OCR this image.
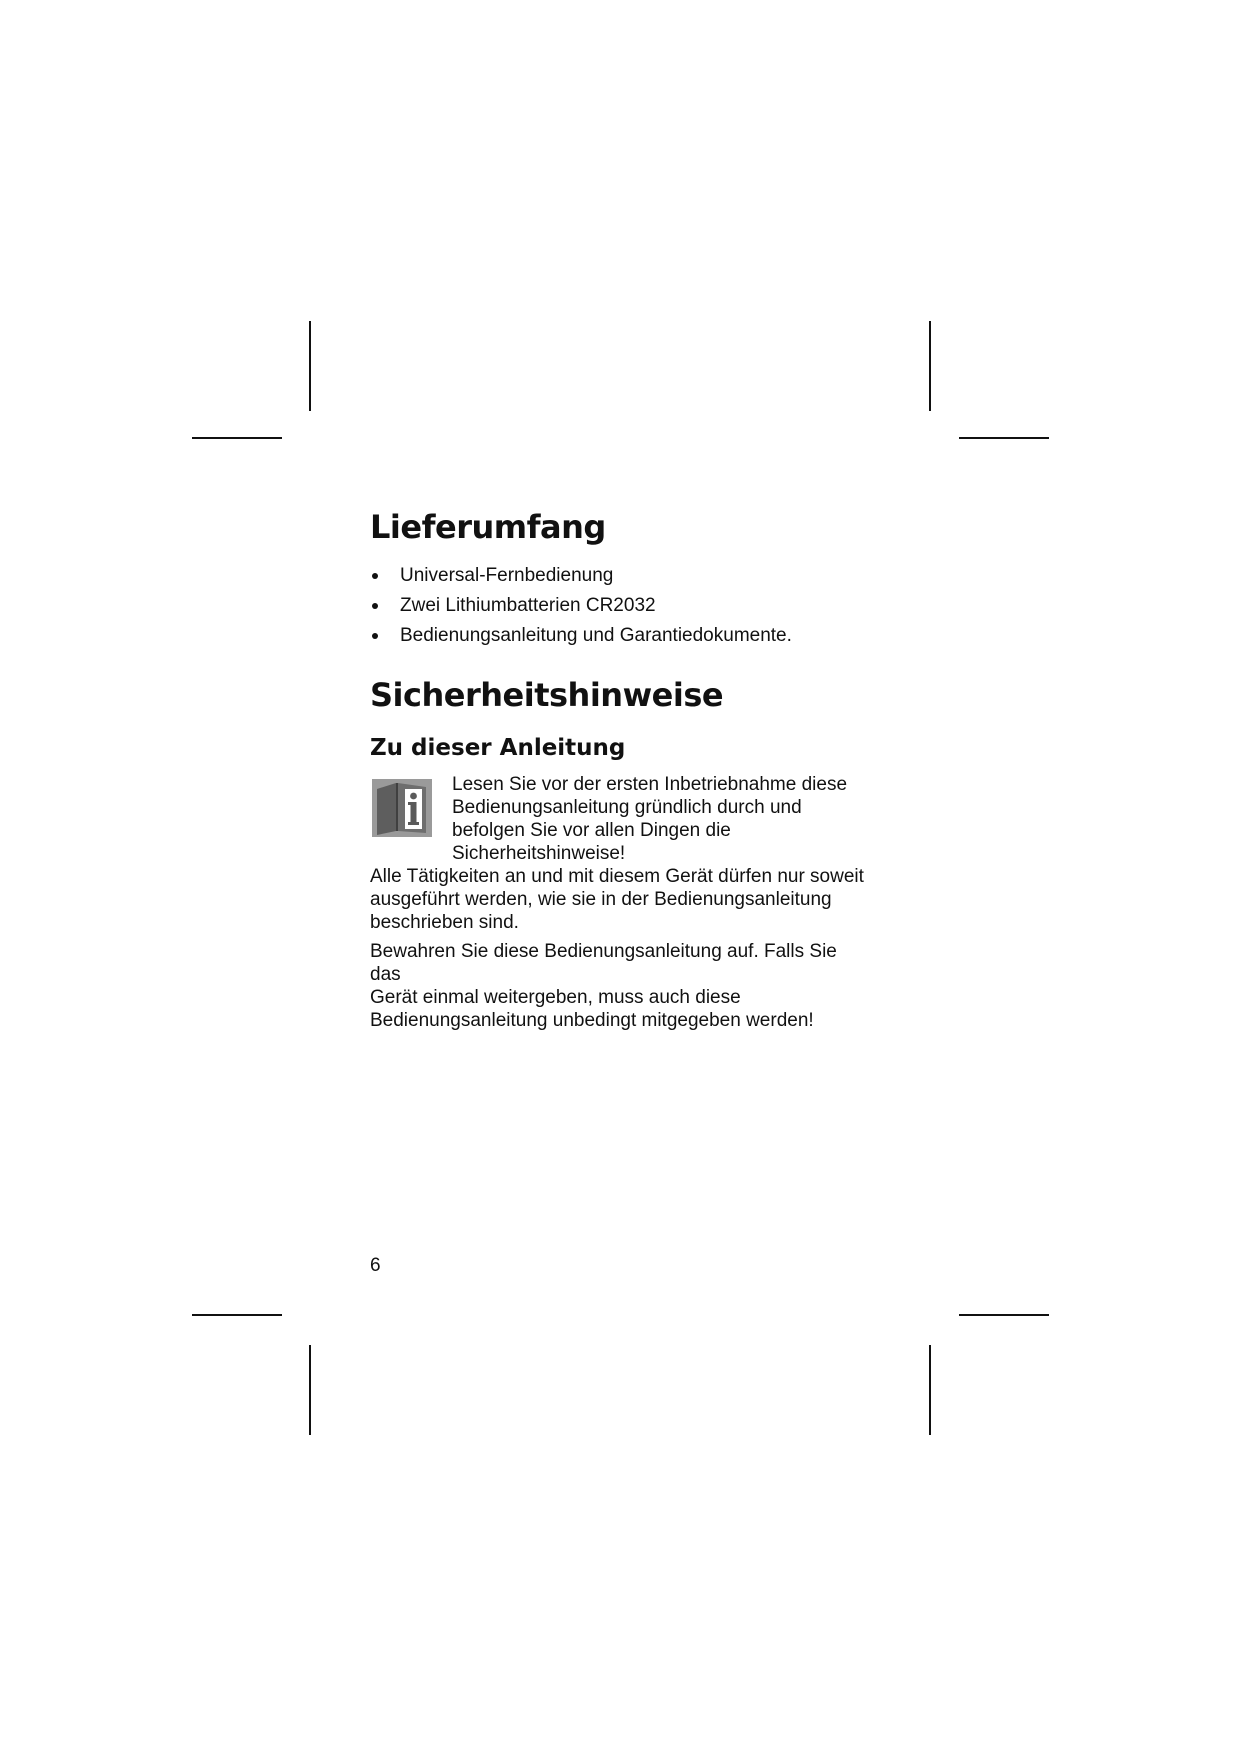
Lieferumfang
Universal-Fernbedienung
Zwei Lithiumbatterien CR2032
Bedienungsanleitung und Garantiedokumente.
Sicherheitshinweise
Zu dieser Anleitung
Lesen Sie vor der ersten Inbetriebnahme diese
Bedienungsanleitung gründlich durch und
befolgen Sie vor allen Dingen die
Sicherheitshinweise!

Alle Tätigkeiten an und mit diesem Gerät dürfen nur soweit
ausgeführt werden, wie sie in der Bedienungsanleitung
beschrieben sind.

Bewahren Sie diese Bedienungsanleitung auf. Falls Sie das
Gerät einmal weitergeben, muss auch diese
Bedienungsanleitung unbedingt mitgegeben werden!

6
